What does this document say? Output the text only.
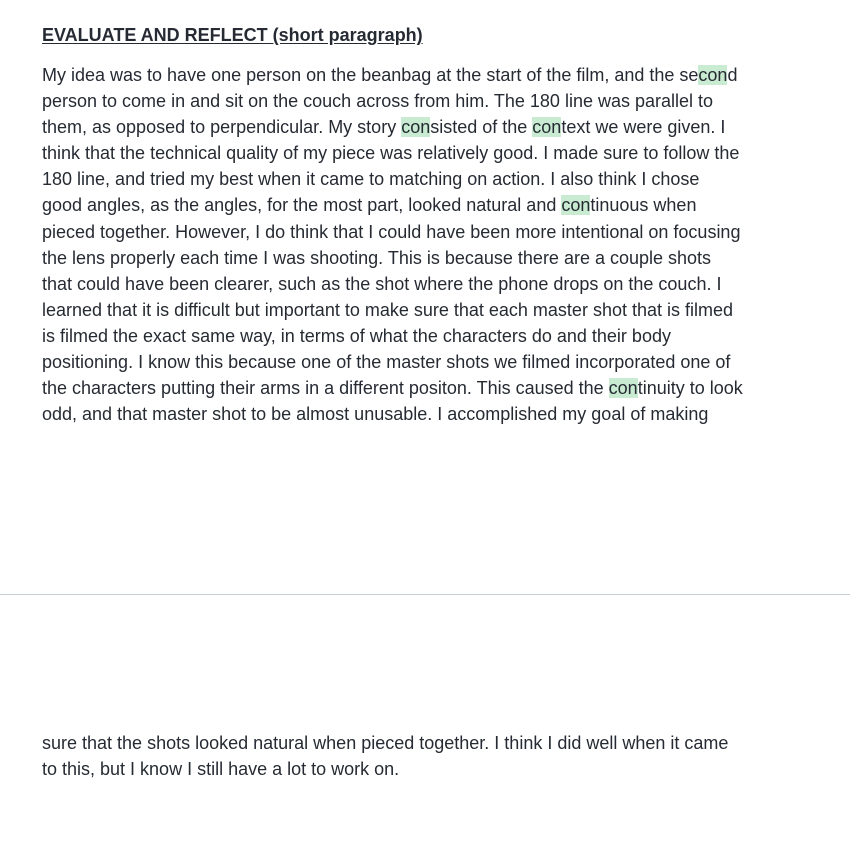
EVALUATE AND REFLECT (short paragraph)

My idea was to have one person on the beanbag at the start of the film, and the second
person to come in and sit on the couch across from him. The 180 line was parallel to
them, as opposed to perpendicular. My story consisted of the context we were given. I
think that the technical quality of my piece was relatively good. I made sure to follow the
180 line, and tried my best when it came to matching on action. I also think I chose
good angles, as the angles, for the most part, looked natural and continuous when
pieced together. However, I do think that I could have been more intentional on focusing
the lens properly each time I was shooting. This is because there are a couple shots
that could have been clearer, such as the shot where the phone drops on the couch. I
learned that it is difficult but important to make sure that each master shot that is filmed
is filmed the exact same way, in terms of what the characters do and their body
positioning. I know this because one of the master shots we filmed incorporated one of
the characters putting their arms in a different positon. This caused the continuity to look
odd, and that master shot to be almost unusable. I accomplished my goal of making

sure that the shots looked natural when pieced together. I think I did well when it came
to this, but I know I still have a lot to work on.
